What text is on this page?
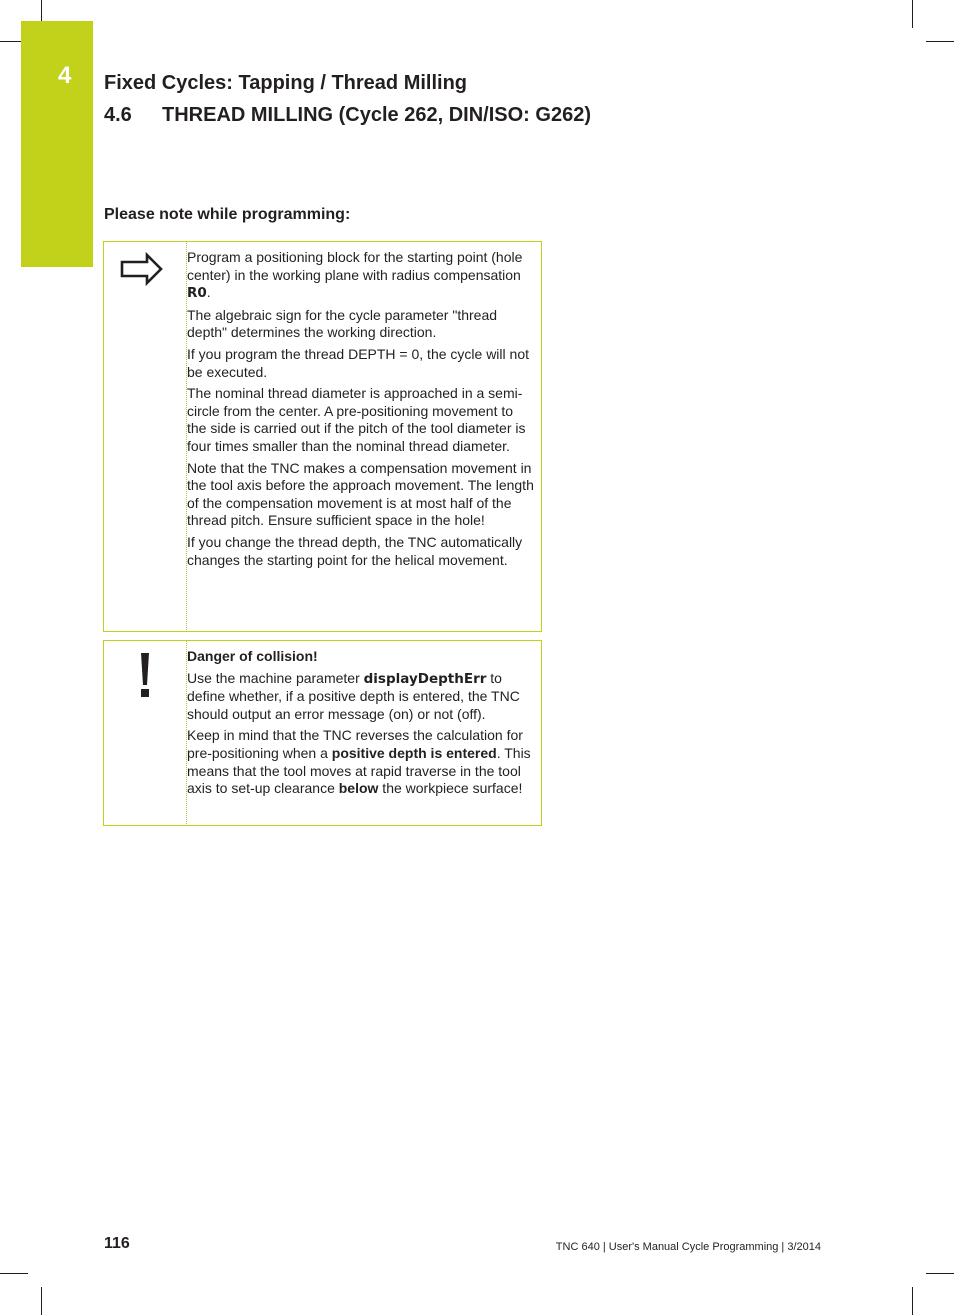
4 Fixed Cycles: Tapping / Thread Milling
4.6 THREAD MILLING (Cycle 262, DIN/ISO: G262)
Please note while programming:

Program a positioning block for the starting point (hole center) in the working plane with radius compensation R0.

The algebraic sign for the cycle parameter "thread depth" determines the working direction.

If you program the thread DEPTH = 0, the cycle will not be executed.

The nominal thread diameter is approached in a semi-circle from the center. A pre-positioning movement to the side is carried out if the pitch of the tool diameter is four times smaller than the nominal thread diameter.

Note that the TNC makes a compensation movement in the tool axis before the approach movement. The length of the compensation movement is at most half of the thread pitch. Ensure sufficient space in the hole!

If you change the thread depth, the TNC automatically changes the starting point for the helical movement.

Danger of collision!

Use the machine parameter displayDepthErr to define whether, if a positive depth is entered, the TNC should output an error message (on) or not (off).

Keep in mind that the TNC reverses the calculation for pre-positioning when a positive depth is entered. This means that the tool moves at rapid traverse in the tool axis to set-up clearance below the workpiece surface!

116	TNC 640 | User's Manual Cycle Programming | 3/2014
